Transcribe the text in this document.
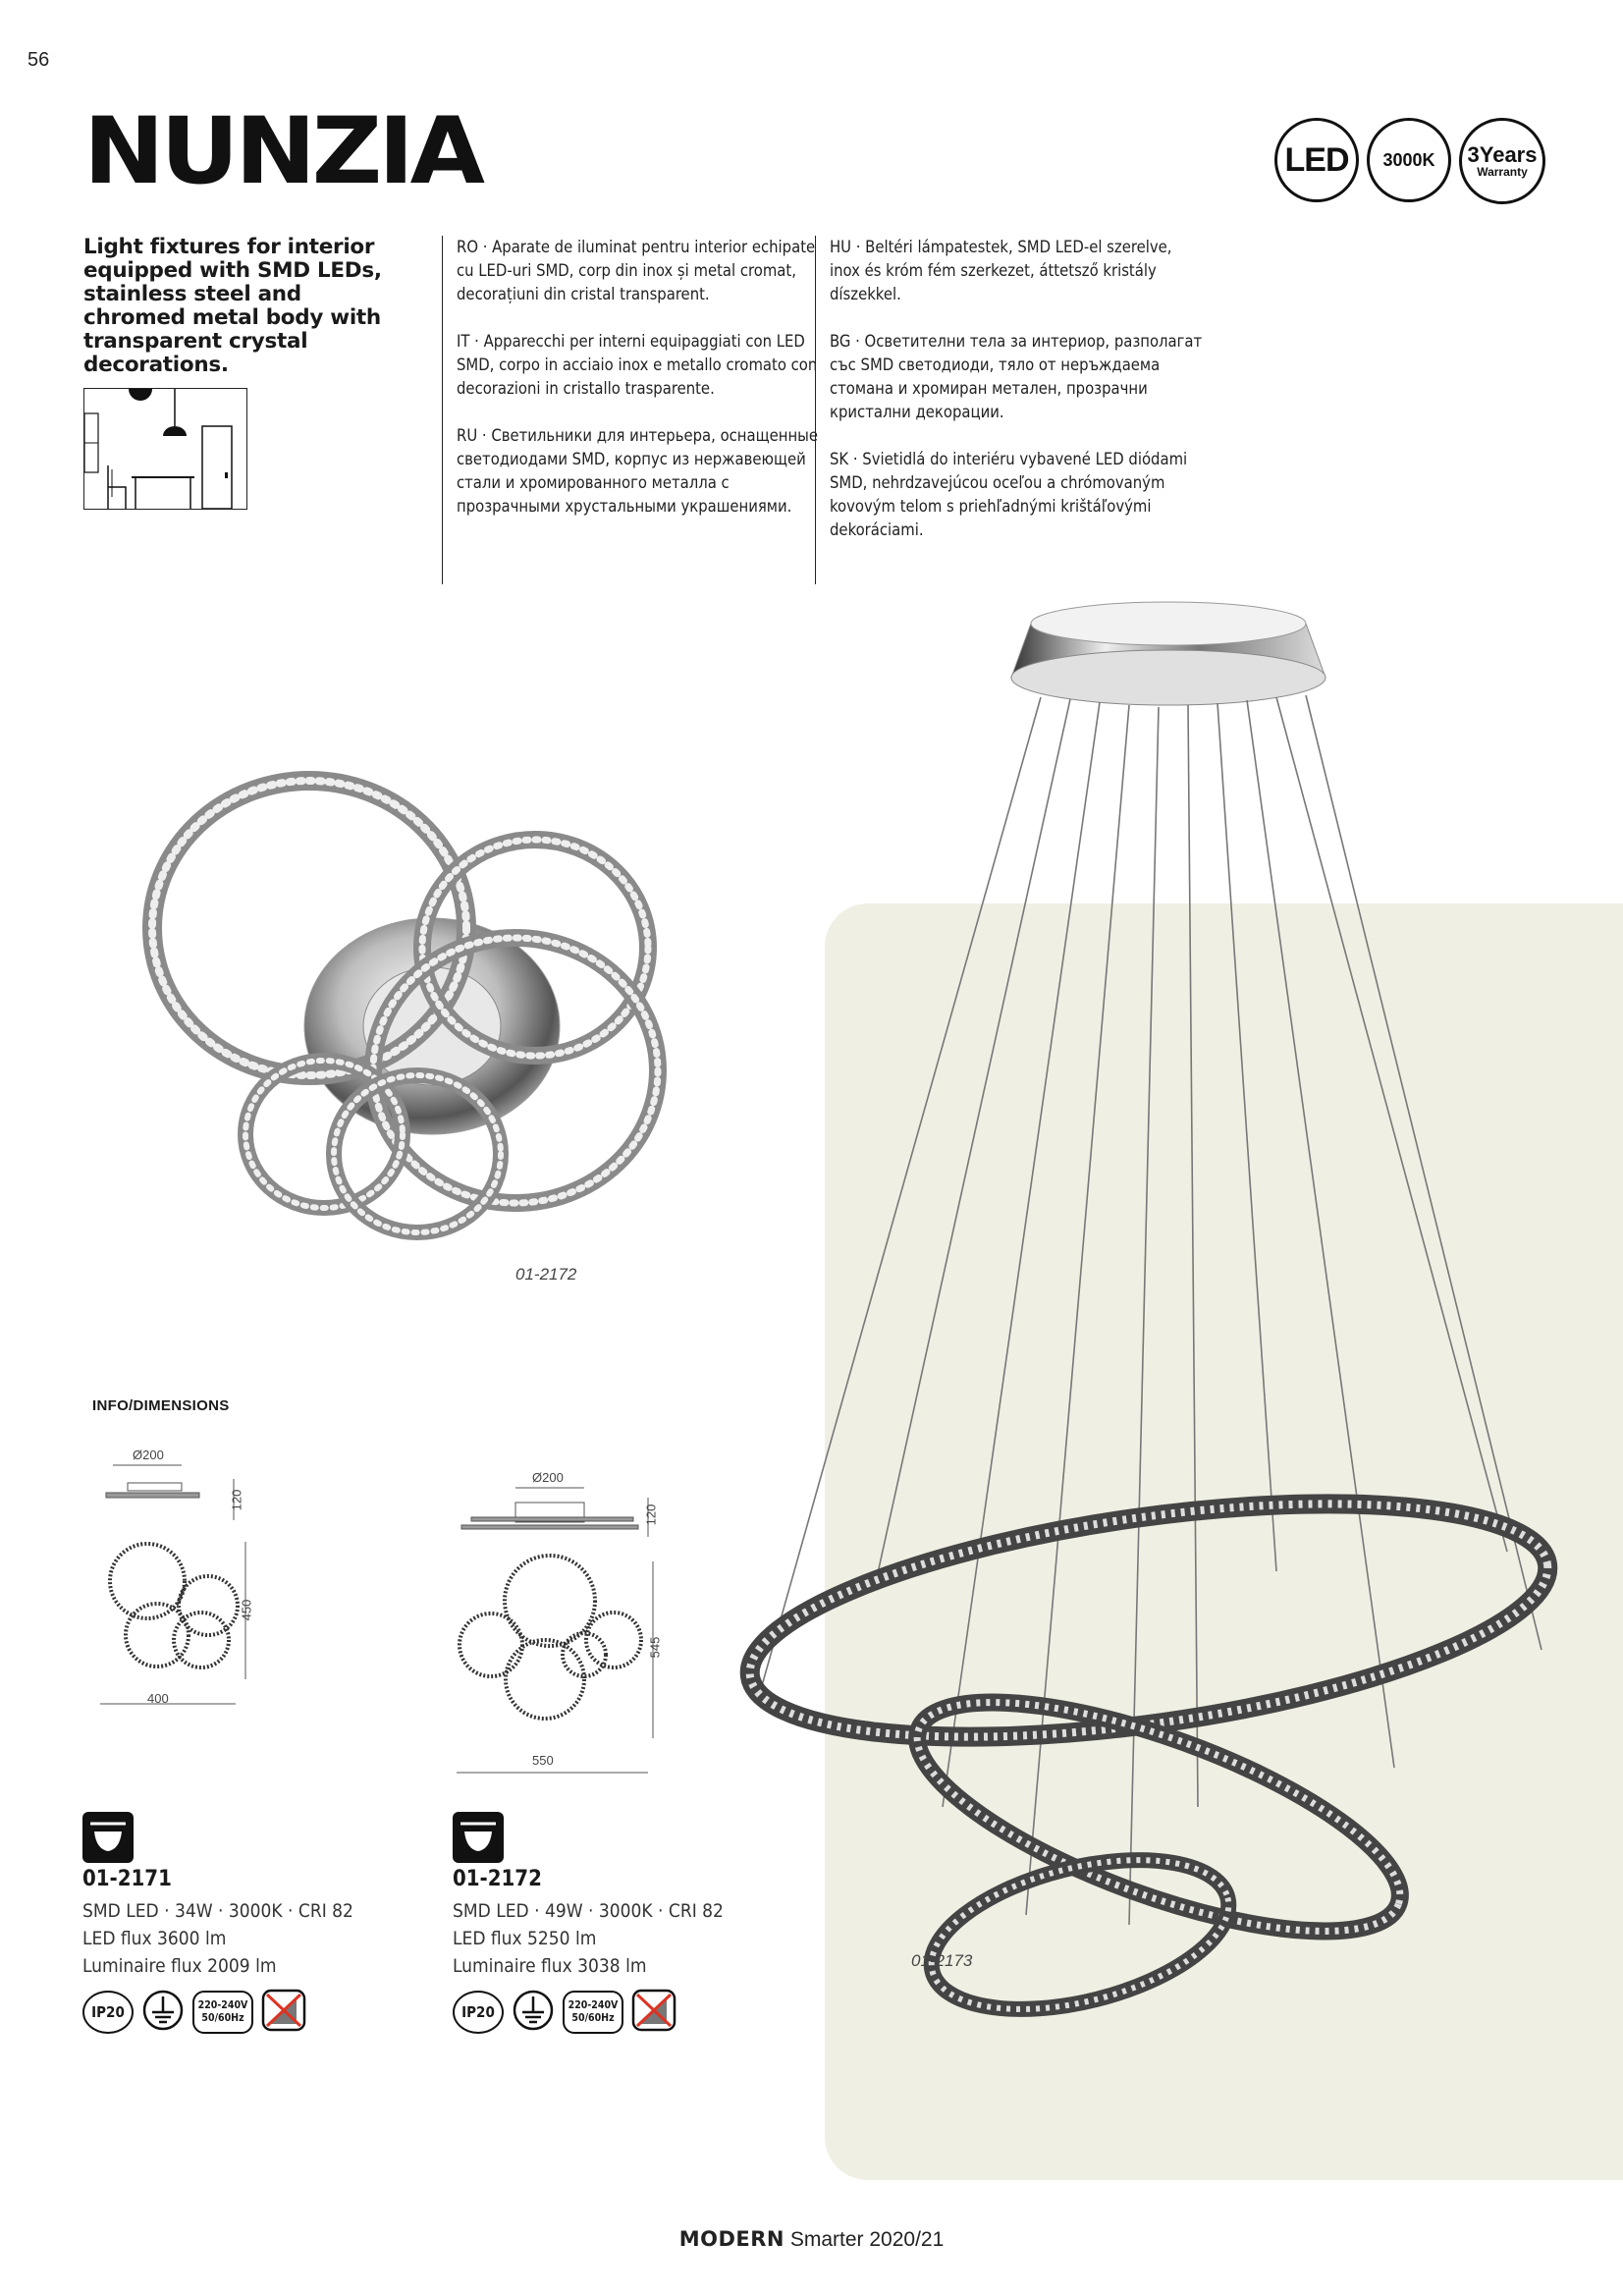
56
NUNZIA	LED	3000K	3Years
Warranty
Light fixtures for interior equipped with SMD LEDs, stainless steel and chromed metal body with transparent crystal decorations.

RO · Aparate de iluminat pentru interior echipate cu LED-uri SMD, corp din inox și metal cromat, decorațiuni din cristal transparent.

IT · Apparecchi per interni equipaggiati con LED SMD, corpo in acciaio inox e metallo cromato con decorazioni in cristallo trasparente.

RU · Светильники для интерьера, оснащенные светодиодами SMD, корпус из нержавеющей стали и хромированного металла с прозрачными хрустальными украшениями.

HU · Beltéri lámpatestek, SMD LED-el szerelve, inox és króm fém szerkezet, áttetsző kristály díszekkel.

BG · Осветителни тела за интериор, разполагат със SMD светодиоди, тяло от неръждаема стомана и хромиран метален, прозрачни кристални декорации.

SK · Svietidlá do interiéru vybavené LED diódami SMD, nehrdzavejúcou oceľou a chrómovaným kovovým telom s priehľadnými krištáľovými dekoráciami.

01-2172
01-2173
INFO/DIMENSIONS
Ø200
120
450
400
Ø200
120
545
550
01-2171
SMD LED · 34W · 3000K · CRI 82
LED flux 3600 lm
Luminaire flux 2009 lm
IP20	220-240V
50/60Hz
01-2172
SMD LED · 49W · 3000K · CRI 82
LED flux 5250 lm
Luminaire flux 3038 lm
IP20	220-240V
50/60Hz
MODERN Smarter 2020/21
